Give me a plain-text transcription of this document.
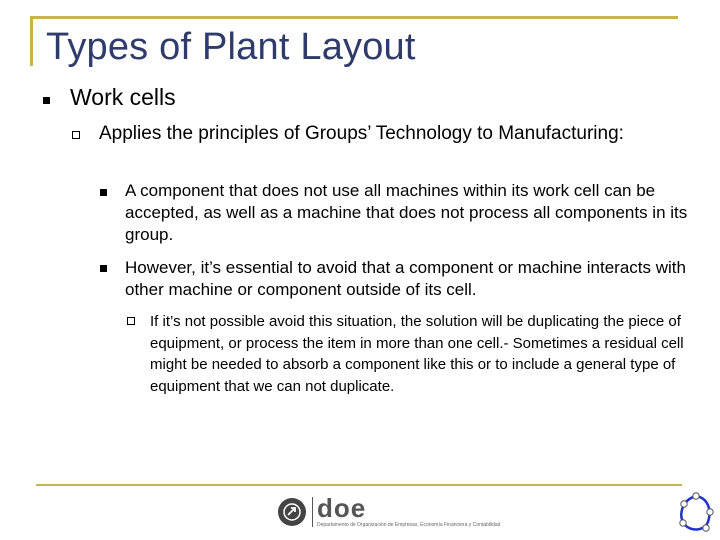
Types of Plant Layout

Work cells

Applies the principles of Groups’ Technology to Manufacturing:

A component that does not use all machines within its work cell can be accepted, as well as a machine that does not process all components in its group.

However, it’s essential to avoid that a component or machine interacts with other machine or component outside of its cell.

If it’s not possible avoid this situation, the solution will be duplicating the piece of equipment, or process the item in more than one cell.- Sometimes a residual cell might be needed to absorb a component like this or to include a general type of equipment that we can not duplicate.

doe
Departamento de Organización de Empresas, Economía Financiera y Contabilidad
